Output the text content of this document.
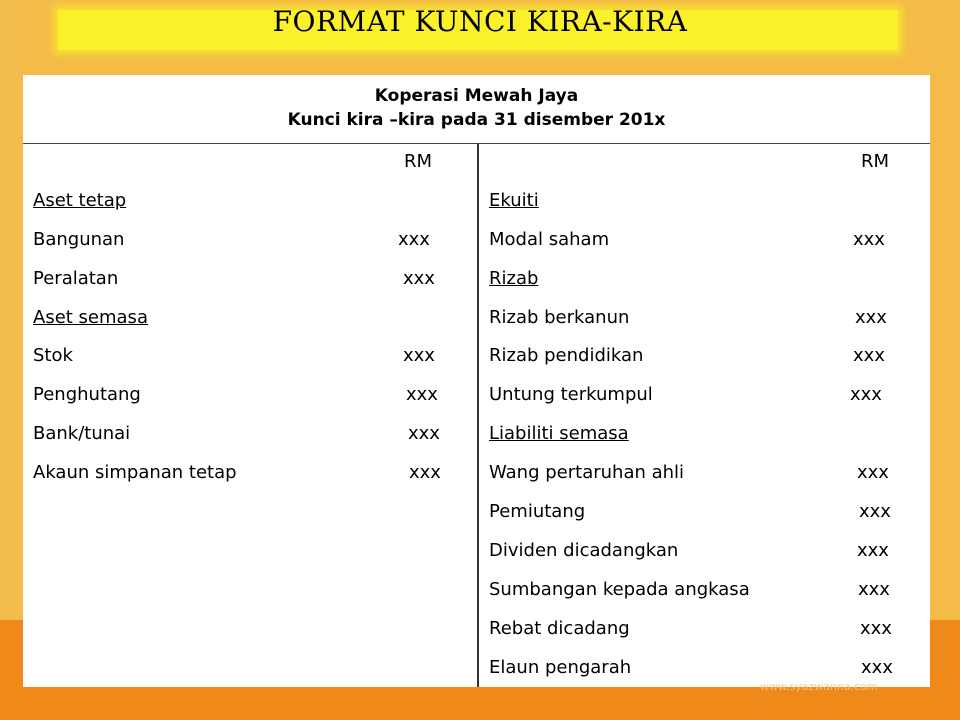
FORMAT KUNCI KIRA-KIRA
Koperasi Mewah Jaya
Kunci kira –kira pada 31 disember 201x
RM
Aset tetap
Bangunan	xxx
Peralatan	xxx
Aset semasa
Stok	xxx
Penghutang	xxx
Bank/tunai	xxx
Akaun simpanan tetap	xxx
RM
Ekuiti
Modal saham	xxx
Rizab
Rizab berkanun	xxx
Rizab pendidikan	xxx
Untung terkumpul	xxx
Liabiliti semasa
Wang pertaruhan ahli	xxx
Pemiutang	xxx
Dividen dicadangkan	xxx
Sumbangan kepada angkasa	xxx
Rebat dicadang	xxx
Elaun pengarah	xxx
www.syazwanna.com
